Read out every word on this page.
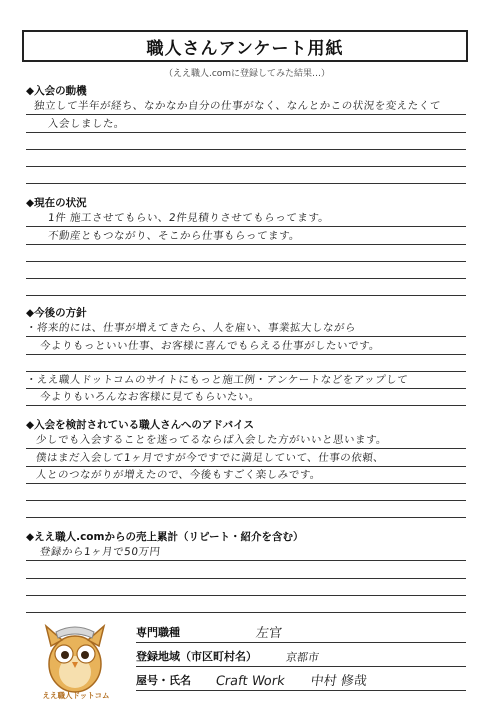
職人さんアンケート用紙
（ええ職人.comに登録してみた結果…）
◆入会の動機
独立して半年が経ち、なかなか自分の仕事がなく、なんとかこの状況を変えたくて
入会しました。
◆現在の状況
1件 施工させてもらい、2件見積りさせてもらってます。
不動産ともつながり、そこから仕事もらってます。
◆今後の方針
・将来的には、仕事が増えてきたら、人を雇い、事業拡大しながら
今よりもっといい仕事、お客様に喜んでもらえる仕事がしたいです。
・ええ職人ドットコムのサイトにもっと施工例・アンケートなどをアップして
今よりもいろんなお客様に見てもらいたい。
◆入会を検討されている職人さんへのアドバイス
少しでも入会することを迷ってるならば入会した方がいいと思います。
僕はまだ入会して1ヶ月ですが今ですでに満足していて、仕事の依頼、
人とのつながりが増えたので、今後もすごく楽しみです。
◆ええ職人.comからの売上累計（リピート・紹介を含む）
登録から1ヶ月で50万円
ええ職人ドットコム
専門職種	左官
登録地域（市区町村名）	京都市
屋号・氏名 Craft Work　　中村 修哉
